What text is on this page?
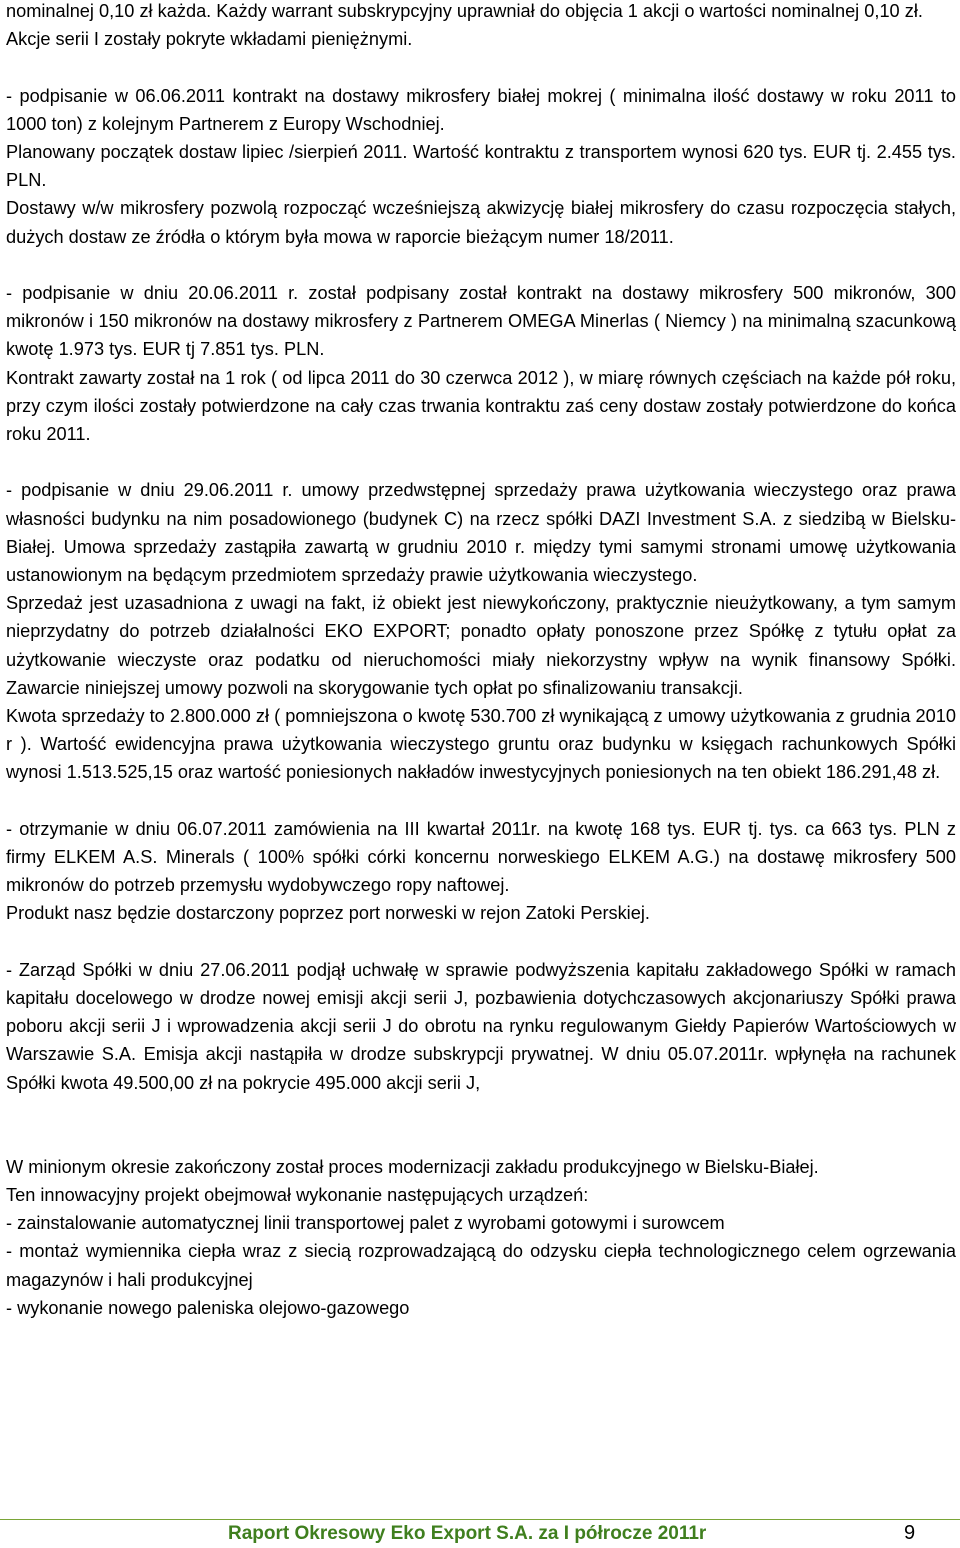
nominalnej 0,10 zł każda. Każdy warrant subskrypcyjny uprawniał do objęcia 1 akcji o wartości nominalnej 0,10 zł.

Akcje serii I zostały pokryte wkładami pieniężnymi.

- podpisanie w 06.06.2011 kontrakt na dostawy mikrosfery białej mokrej ( minimalna ilość dostawy w roku 2011 to 1000 ton) z kolejnym Partnerem z Europy Wschodniej.

Planowany początek dostaw lipiec /sierpień 2011. Wartość kontraktu z transportem wynosi 620 tys. EUR tj. 2.455 tys. PLN.

Dostawy w/w mikrosfery pozwolą rozpocząć wcześniejszą akwizycję białej mikrosfery do czasu rozpoczęcia stałych, dużych dostaw ze źródła o którym była mowa w raporcie bieżącym numer 18/2011.

- podpisanie w dniu 20.06.2011 r. został podpisany został kontrakt na dostawy mikrosfery 500 mikronów, 300 mikronów i 150 mikronów na dostawy mikrosfery z Partnerem OMEGA Minerlas ( Niemcy ) na minimalną szacunkową kwotę 1.973 tys. EUR tj 7.851 tys. PLN.

Kontrakt zawarty został na 1 rok ( od lipca 2011 do 30 czerwca 2012 ), w miarę równych częściach na każde pół roku, przy czym ilości zostały potwierdzone na cały czas trwania kontraktu zaś ceny dostaw zostały potwierdzone do końca roku 2011.

- podpisanie w dniu 29.06.2011 r. umowy przedwstępnej sprzedaży prawa użytkowania wieczystego oraz prawa własności budynku na nim posadowionego (budynek C) na rzecz spółki DAZI Investment S.A. z siedzibą w Bielsku-Białej. Umowa sprzedaży zastąpiła zawartą w grudniu 2010 r. między tymi samymi stronami umowę użytkowania ustanowionym na będącym przedmiotem sprzedaży prawie użytkowania wieczystego.

Sprzedaż jest uzasadniona z uwagi na fakt, iż obiekt jest niewykończony, praktycznie nieużytkowany, a tym samym nieprzydatny do potrzeb działalności EKO EXPORT; ponadto opłaty ponoszone przez Spółkę z tytułu opłat za użytkowanie wieczyste oraz podatku od nieruchomości miały niekorzystny wpływ na wynik finansowy Spółki. Zawarcie niniejszej umowy pozwoli na skorygowanie tych opłat po sfinalizowaniu transakcji.

Kwota sprzedaży to 2.800.000 zł ( pomniejszona o kwotę 530.700 zł wynikającą z umowy użytkowania z grudnia 2010 r ). Wartość ewidencyjna prawa użytkowania wieczystego gruntu oraz budynku w księgach rachunkowych Spółki wynosi 1.513.525,15 oraz wartość poniesionych nakładów inwestycyjnych poniesionych na ten obiekt 186.291,48 zł.

- otrzymanie w dniu 06.07.2011 zamówienia na III kwartał 2011r. na kwotę 168 tys. EUR tj. tys. ca 663 tys. PLN z firmy ELKEM A.S. Minerals ( 100% spółki córki koncernu norweskiego ELKEM A.G.) na dostawę mikrosfery 500 mikronów do potrzeb przemysłu wydobywczego ropy naftowej.

Produkt nasz będzie dostarczony poprzez port norweski w rejon Zatoki Perskiej.

- Zarząd Spółki w dniu 27.06.2011 podjął uchwałę w sprawie podwyższenia kapitału zakładowego Spółki w ramach kapitału docelowego w drodze nowej emisji akcji serii J, pozbawienia dotychczasowych akcjonariuszy Spółki prawa poboru akcji serii J i wprowadzenia akcji serii J do obrotu na rynku regulowanym Giełdy Papierów Wartościowych w Warszawie S.A. Emisja akcji nastąpiła w drodze subskrypcji prywatnej. W dniu 05.07.2011r. wpłynęła na rachunek Spółki kwota 49.500,00 zł na pokrycie 495.000 akcji serii J,

W minionym okresie zakończony został proces modernizacji zakładu produkcyjnego w Bielsku-Białej.

Ten innowacyjny projekt obejmował wykonanie następujących urządzeń:

- zainstalowanie automatycznej linii transportowej palet z wyrobami gotowymi i surowcem

- montaż wymiennika ciepła wraz z siecią rozprowadzającą do odzysku ciepła technologicznego celem ogrzewania magazynów i hali produkcyjnej

- wykonanie nowego paleniska olejowo-gazowego

Raport Okresowy Eko Export S.A. za I półrocze 2011r	9
